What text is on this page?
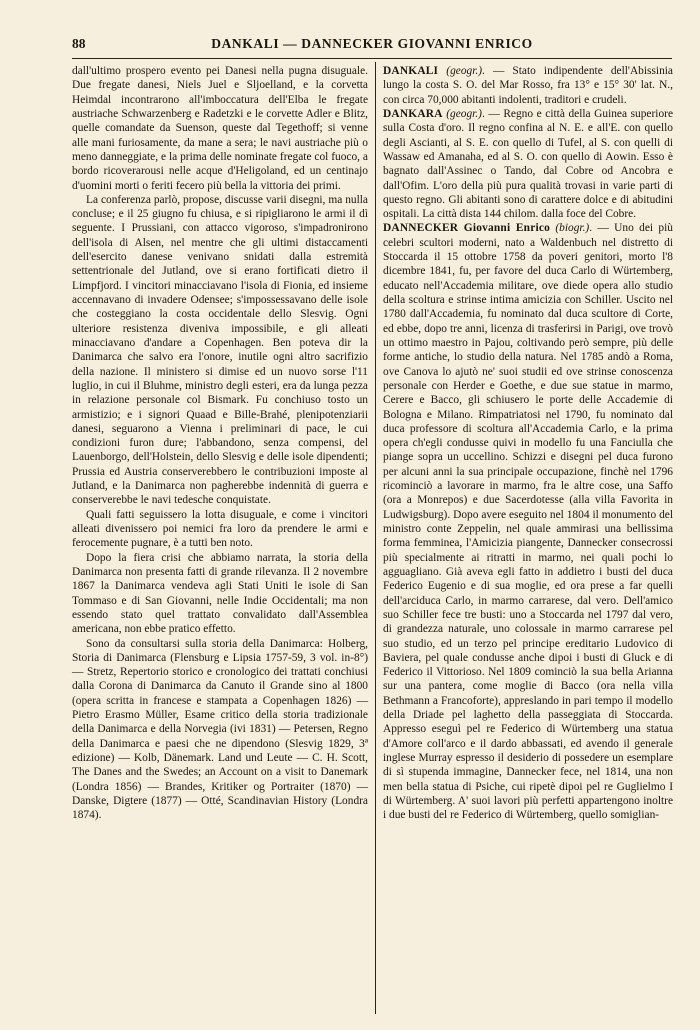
88	DANKALI — DANNECKER GIOVANNI ENRICO

dall'ultimo prospero evento pei Danesi nella pugna disuguale. Due fregate danesi, Niels Juel e Sljoelland, e la corvetta Heimdal incontrarono all'imboccatura dell'Elba le fregate austriache Schwarzenberg e Radetzki e le corvette Adler e Blitz, quelle comandate da Suenson, queste dal Tegethoff; si venne alle mani furiosamente, da mane a sera; le navi austriache più o meno danneggiate, e la prima delle nominate fregate col fuoco, a bordo ricoverarousi nelle acque d'Heligoland, ed un centinajo d'uomini morti o feriti fecero più bella la vittoria dei primi.

La conferenza parlò, propose, discusse varii disegni, ma nulla concluse; e il 25 giugno fu chiusa, e si ripigliarono le armi il dì seguente. I Prussiani, con attacco vigoroso, s'impadronirono dell'isola di Alsen, nel mentre che gli ultimi distaccamenti dell'esercito danese venivano snidati dalla estremità settentrionale del Jutland, ove si erano fortificati dietro il Limpfjord. I vincitori minacciavano l'isola di Fionia, ed insieme accennavano di invadere Odensee; s'impossessavano delle isole che costeggiano la costa occidentale dello Slesvig. Ogni ulteriore resistenza diveniva impossibile, e gli alleati minacciavano d'andare a Copenhagen. Ben poteva dir la Danimarca che salvo era l'onore, inutile ogni altro sacrifizio della nazione. Il ministero si dimise ed un nuovo sorse l'11 luglio, in cui il Bluhme, ministro degli esteri, era da lunga pezza in relazione personale col Bismark. Fu conchiuso tosto un armistizio; e i signori Quaad e Bille-Brahé, plenipotenziarii danesi, seguarono a Vienna i preliminari di pace, le cui condizioni furon dure; l'abbandono, senza compensi, del Lauenborgo, dell'Holstein, dello Slesvig e delle isole dipendenti; Prussia ed Austria conserverebbero le contribuzioni imposte al Jutland, e la Danimarca non pagherebbe indennità di guerra e conserverebbe le navi tedesche conquistate.

Quali fatti seguissero la lotta disuguale, e come i vincitori alleati divenissero poi nemici fra loro da prendere le armi e ferocemente pugnare, è a tutti ben noto.

Dopo la fiera crisi che abbiamo narrata, la storia della Danimarca non presenta fatti di grande rilevanza. Il 2 novembre 1867 la Danimarca vendeva agli Stati Uniti le isole di San Tommaso e di San Giovanni, nelle Indie Occidentali; ma non essendo stato quel trattato convalidato dall'Assemblea americana, non ebbe pratico effetto.

Sono da consultarsi sulla storia della Danimarca: Holberg, Storia di Danimarca (Flensburg e Lipsia 1757-59, 3 vol. in-8°) — Stretz, Repertorio storico e cronologico dei trattati conchiusi dalla Corona di Danimarca da Canuto il Grande sino al 1800 (opera scritta in francese e stampata a Copenhagen 1826) — Pietro Erasmo Müller, Esame critico della storia tradizionale della Danimarca e della Norvegia (ivi 1831) — Petersen, Regno della Danimarca e paesi che ne dipendono (Slesvig 1829, 3ª edizione) — Kolb, Dänemark. Land und Leute — C. H. Scott, The Danes and the Swedes; an Account on a visit to Danemark (Londra 1856) — Brandes, Kritiker og Portraiter (1870) — Danske, Digtere (1877) — Otté, Scandinavian History (Londra 1874).

DANKALI (geogr.). — Stato indipendente dell'Abissinia lungo la costa S. O. del Mar Rosso, fra 13° e 15° 30' lat. N., con circa 70,000 abitanti indolenti, traditori e crudeli.

DANKARA (geogr.). — Regno e città della Guinea superiore sulla Costa d'oro. Il regno confina al N. E. e all'E. con quello degli Ascianti, al S. E. con quello di Tufel, al S. con quelli di Wassaw ed Amanaha, ed al S. O. con quello di Aowin. Esso è bagnato dall'Assinec o Tando, dal Cobre od Ancobra e dall'Ofim. L'oro della più pura qualità trovasi in varie parti di questo regno. Gli abitanti sono di carattere dolce e di abitudini ospitali. La città dista 144 chilom. dalla foce del Cobre.

DANNECKER Giovanni Enrico (biogr.). — Uno dei più celebri scultori moderni, nato a Waldenbuch nel distretto di Stoccarda il 15 ottobre 1758 da poveri genitori, morto l'8 dicembre 1841, fu, per favore del duca Carlo di Würtemberg, educato nell'Accademia militare, ove diede opera allo studio della scoltura e strinse intima amicizia con Schiller. Uscito nel 1780 dall'Accademia, fu nominato dal duca scultore di Corte, ed ebbe, dopo tre anni, licenza di trasferirsi in Parigi, ove trovò un ottimo maestro in Pajou, coltivando però sempre, più delle forme antiche, lo studio della natura. Nel 1785 andò a Roma, ove Canova lo ajutò ne' suoi studii ed ove strinse conoscenza personale con Herder e Goethe, e due sue statue in marmo, Cerere e Bacco, gli schiusero le porte delle Accademie di Bologna e Milano. Rimpatriatosi nel 1790, fu nominato dal duca professore di scoltura all'Accademia Carlo, e la prima opera ch'egli condusse quivi in modello fu una Fanciulla che piange sopra un uccellino. Schizzi e disegni pel duca furono per alcuni anni la sua principale occupazione, finchè nel 1796 ricominciò a lavorare in marmo, fra le altre cose, una Saffo (ora a Monrepos) e due Sacerdotesse (alla villa Favorita in Ludwigsburg). Dopo avere eseguito nel 1804 il monumento del ministro conte Zeppelin, nel quale ammirasi una bellissima forma femminea, l'Amicizia piangente, Dannecker consecrossi più specialmente ai ritratti in marmo, nei quali pochi lo agguagliano. Già aveva egli fatto in addietro i busti del duca Federico Eugenio e di sua moglie, ed ora prese a far quelli dell'arciduca Carlo, in marmo carrarese, dal vero. Dell'amico suo Schiller fece tre busti: uno a Stoccarda nel 1797 dal vero, di grandezza naturale, uno colossale in marmo carrarese pel suo studio, ed un terzo pel principe ereditario Ludovico di Baviera, pel quale condusse anche dipoi i busti di Gluck e di Federico il Vittorioso. Nel 1809 cominciò la sua bella Arianna sur una pantera, come moglie di Bacco (ora nella villa Bethmann a Francoforte), appreslando in pari tempo il modello della Driade pel laghetto della passeggiata di Stoccarda. Appresso eseguì pel re Federico di Würtemberg una statua d'Amore coll'arco e il dardo abbassati, ed avendo il generale inglese Murray espresso il desiderio di possedere un esemplare di sì stupenda immagine, Dannecker fece, nel 1814, una non men bella statua di Psiche, cui ripetè dipoi pel re Guglielmo I di Würtemberg. A' suoi lavori più perfetti appartengono inoltre i due busti del re Federico di Würtemberg, quello somiglian-
